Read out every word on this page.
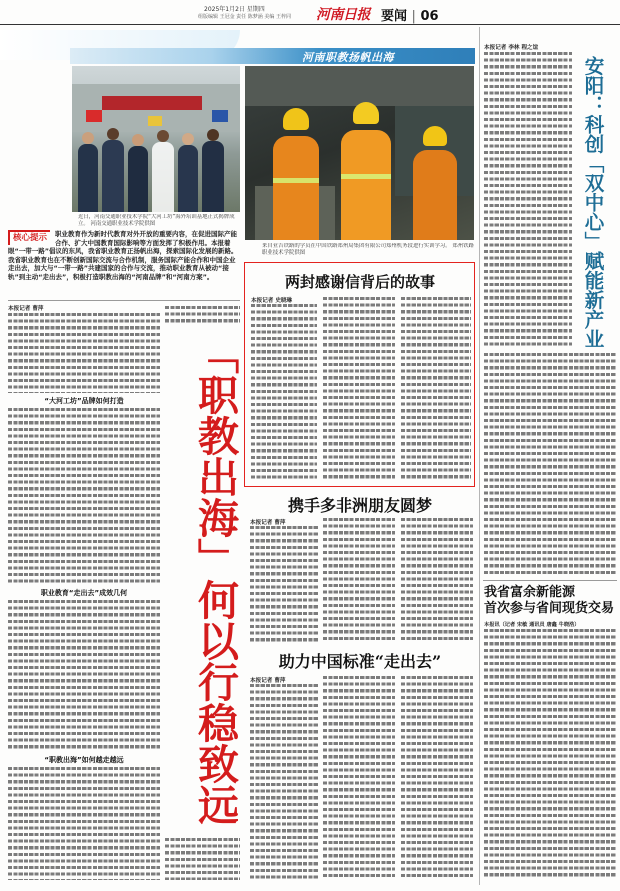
2025年1月2日 星期四
组版编辑 王冠金 责任 陈梦涵 美编 王梓同 河南日报 要闻 | 06
河南职教扬帆出海
近日，河南交通职业技术学院“大河工坊”海外培训基地正式揭牌成立。 河南交通职业技术学院供图
来自亚吉铁路的学员在中国铁路郑州局集团有限公司郑州机务段进行实训学习。 郑州铁路职业技术学院供图
核心提示	职业教育作为新时代教育对外开放的重要内容，在促进国际产能合作、扩大中国教育国际影响等方面发挥了积极作用。本报着眼“一带一路”倡议的东风，我省职业教育正扬帆出海，探索国际化发展的新路。我省职业教育也在不断创新国际交流与合作机制，服务国际产能合作和中国企业走出去，加大与“一带一路”共建国家的合作与交流，推动职业教育从被动“接轨”到主动“走出去”，积极打造职教出海的“河南品牌”和“河南方案”。
本报记者 曹萍
“大河工坊”品牌如何打造
职业教育“走出去”成效几何
“职教出海”如何越走越远	「职教出海」何以行稳致远
两封感谢信背后的故事
本报记者 史晓琳
携手多非洲朋友圆梦
本报记者 曹萍
助力中国标准“走出去”
本报记者 曹萍
本报记者 李林 程之谊
安阳：科创「双中心」赋能新产业
我省富余新能源
首次参与省间现货交易
本报讯（记者 宋敏 通讯员 唐鑫 牛晓浩）
